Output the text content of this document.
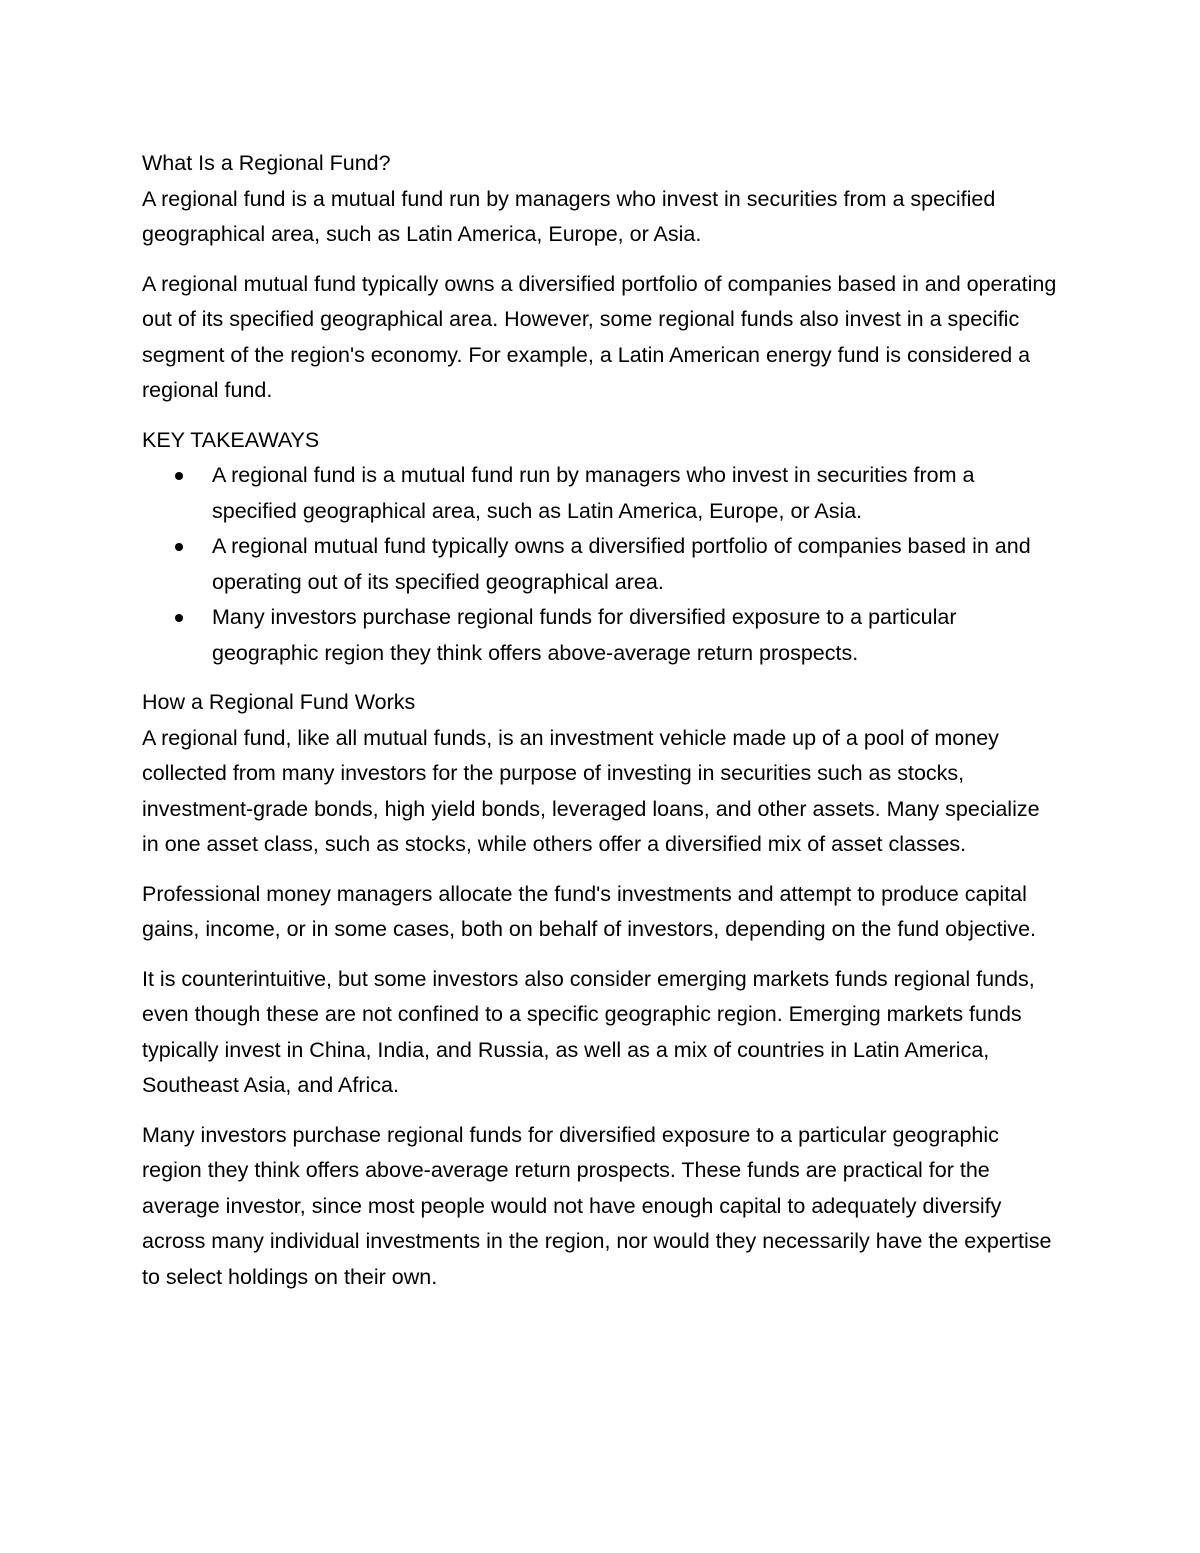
What Is a Regional Fund?

A regional fund is a mutual fund run by managers who invest in securities from a specified geographical area, such as Latin America, Europe, or Asia.

A regional mutual fund typically owns a diversified portfolio of companies based in and operating out of its specified geographical area. However, some regional funds also invest in a specific segment of the region's economy. For example, a Latin American energy fund is considered a regional fund.

KEY TAKEAWAYS
A regional fund is a mutual fund run by managers who invest in securities from a specified geographical area, such as Latin America, Europe, or Asia.
A regional mutual fund typically owns a diversified portfolio of companies based in and operating out of its specified geographical area.
Many investors purchase regional funds for diversified exposure to a particular geographic region they think offers above-average return prospects.
How a Regional Fund Works

A regional fund, like all mutual funds, is an investment vehicle made up of a pool of money collected from many investors for the purpose of investing in securities such as stocks, investment-grade bonds, high yield bonds, leveraged loans, and other assets. Many specialize in one asset class, such as stocks, while others offer a diversified mix of asset classes.

Professional money managers allocate the fund's investments and attempt to produce capital gains, income, or in some cases, both on behalf of investors, depending on the fund objective.

It is counterintuitive, but some investors also consider emerging markets funds regional funds, even though these are not confined to a specific geographic region. Emerging markets funds typically invest in China, India, and Russia, as well as a mix of countries in Latin America, Southeast Asia, and Africa.

Many investors purchase regional funds for diversified exposure to a particular geographic region they think offers above-average return prospects. These funds are practical for the average investor, since most people would not have enough capital to adequately diversify across many individual investments in the region, nor would they necessarily have the expertise to select holdings on their own.
